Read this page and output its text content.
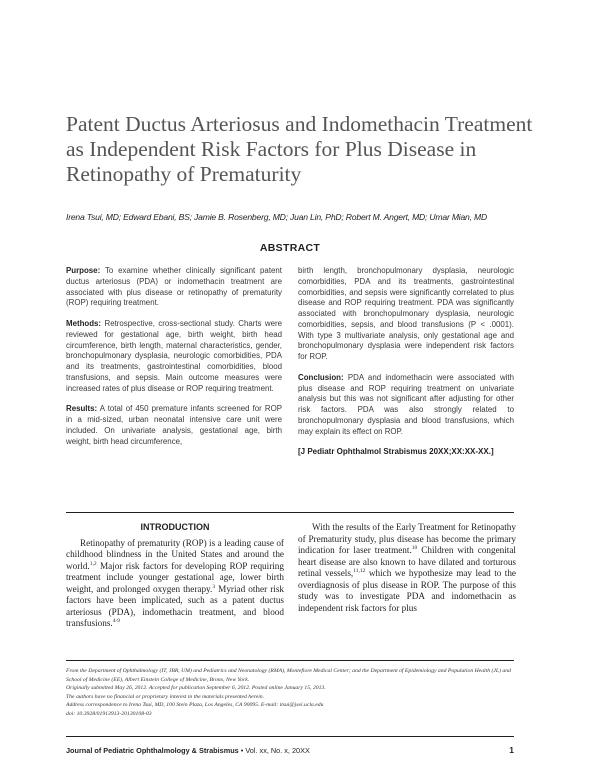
Patent Ductus Arteriosus and Indomethacin Treatment as Independent Risk Factors for Plus Disease in Retinopathy of Prematurity
Irena Tsui, MD; Edward Ebani, BS; Jamie B. Rosenberg, MD; Juan Lin, PhD; Robert M. Angert, MD; Umar Mian, MD
ABSTRACT

Purpose: To examine whether clinically significant patent ductus arteriosus (PDA) or indomethacin treatment are associated with plus disease or retinopathy of prematurity (ROP) requiring treatment.

Methods: Retrospective, cross-sectional study. Charts were reviewed for gestational age, birth weight, birth head circumference, birth length, maternal characteristics, gender, bronchopulmonary dysplasia, neurologic comorbidities, PDA and its treatments, gastrointestinal comorbidities, blood transfusions, and sepsis. Main outcome measures were increased rates of plus disease or ROP requiring treatment.

Results: A total of 450 premature infants screened for ROP in a mid-sized, urban neonatal intensive care unit were included. On univariate analysis, gestational age, birth weight, birth head circumference,

birth length, bronchopulmonary dysplasia, neurologic comorbidities, PDA and its treatments, gastrointestinal comorbidities, and sepsis were significantly correlated to plus disease and ROP requiring treatment. PDA was significantly associated with bronchopulmonary dysplasia, neurologic comorbidities, sepsis, and blood transfusions (P < .0001). With type 3 multivariate analysis, only gestational age and bronchopulmonary dysplasia were independent risk factors for ROP.

Conclusion: PDA and indomethacin were associated with plus disease and ROP requiring treatment on univariate analysis but this was not significant after adjusting for other risk factors. PDA was also strongly related to bronchopulmonary dysplasia and blood transfusions, which may explain its effect on ROP.

[J Pediatr Ophthalmol Strabismus 20XX;XX:XX-XX.]
INTRODUCTION

Retinopathy of prematurity (ROP) is a leading cause of childhood blindness in the United States and around the world.$^{1,2}$ Major risk factors for developing ROP requiring treatment include younger gestational age, lower birth weight, and prolonged oxygen therapy.$^3$ Myriad other risk factors have been implicated, such as a patent ductus arteriosus (PDA), indomethacin treatment, and blood transfusions.$^{4-9}$

With the results of the Early Treatment for Retinopathy of Prematurity study, plus disease has become the primary indication for laser treatment.$^{10}$ Children with congenital heart disease are also known to have dilated and torturous retinal vessels,$^{11,12}$ which we hypothesize may lead to the overdiagnosis of plus disease in ROP. The purpose of this study was to investigate PDA and indomethacin as independent risk factors for plus

From the Department of Ophthalmology (IT, JBR, UM) and Pediatrics and Neonatology (RMA), Montefiore Medical Center; and the Department of Epidemiology and Population Health (JL) and School of Medicine (EE), Albert Einstein College of Medicine, Bronx, New York.
Originally submitted May 26, 2012. Accepted for publication September 6, 2012. Posted online January 15, 2013.
The authors have no financial or proprietary interest in the materials presented herein.
Address correspondence to Irena Tsui, MD, 100 Stein Plaza, Los Angeles, CA 90095. E-mail: itsui@jsei.ucla.edu
doi: 10.3928/01913913-20130108-03
Journal of Pediatric Ophthalmology & Strabismus • Vol. xx, No. x, 20XX	1
